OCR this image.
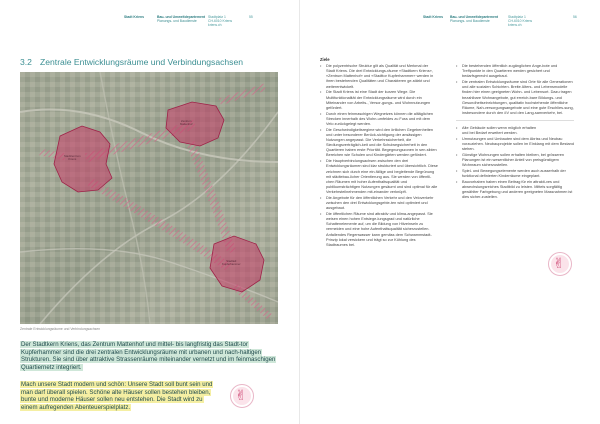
Stadt Kriens	Bau- und Umweltdepartement
Planungs- und Baudienste
Stadtplatz 1
CH-6010 Kriens
kriens.ch
55
3.2 Zentrale Entwicklungsräume und Verbindungsachsen
Stadtzentrum
Kriens
Zentrum
Mattenhof
Stadtteil
Kupferhammer
Zentrale Entwicklungsräume und Verbindungsachsen
Der Stadtkern Kriens, das Zentrum Mattenhof und mittel- bis langfristig das Stadt-tor Kupferhammer sind die drei zentralen Entwicklungsräume mit urbanen und nach-haltigen Strukturen. Sie sind über attraktive Strassenräume miteinander vernetzt und im feinmaschigen Quartiernetz integriert.
Mach unsere Stadt modern und schön: Unsere Stadt soll bunt sein und man darf überall spielen. Schöne alte Häuser sollen bestehen bleiben, bunte und moderne Häuser sollen neu entstehen. Die Stadt wird zu einem aufregenden Abenteuerspielplatz.
✌
Stadt Kriens Bau- und Umweltdepartement
Planungs- und Baudienste
Stadtplatz 1
CH-6010 Kriens
kriens.ch
56
Ziele
• Die polyzentrische Struktur gilt als Qualität und Merkmal der Stadt Kriens. Die drei Entwicklungs-räume «Stadtkern Kriens», «Zentrum Mattenhof» und «Stadttor Kupferhammer» werden in ihren bestehenden Qualitäten und Charakteren ge-stärkt und weiterentwickelt.
• Die Stadt Kriens ist eine Stadt der kurzen Wege. Die Multifunktionalität der Entwicklungsräume wird durch ein Miteinander von Arbeits-, Versor-gungs- und Wohnnutzungen gefördert.
• Durch einen feinmaschigen Wegnetzes können die alltäglichen Strecken innerhalb des Wohn-umfeldes zu Fuss und mit dem Velo zurückgelegt werden.
• Die Geschwindigkeitsregime wird den örtlichen Gegebenheiten und unter besonderer Berück-sichtigung der ansässigen Nutzungen angepasst. Die Verkehrssicherheit, die Siedlungsverträglich-keit und die Schulwegsicherheit in den Quartieren haben erste Priorität. Begegnungszonen in sen-siblen Bereichen wie Schulen und Kindergärten werden gefördert.
• Die Hauptverbindungsachsen zwischen den drei Entwicklungsräumen sind klar strukturiert und übersichtlich. Diese zeichnen sich durch eine ein-fällige und begleitende Begrünung mit städtebau-licher Orientierung aus. Sie werden von öffentli-chen Räumen mit hoher Aufenthaltsqualität und publikumsträchtigen Nutzungen gesäumt und sind optimal für alle Verkehrsteilnehmenden mit-einander verknüpft.
• Die Angebote für den öffentlichen Verkehr und den Veloverkehr zwischen den drei Entwicklungsgebie-ten wird optimiert und ausgebaut.
• Die öffentlichen Räume sind attraktiv und klima-angepasst. Sie weisen einen hohen Entsiege-lungsgrad und natürliche Schattenelemente auf, um die Bildung von Hitzeinseln zu vermeiden und eine hohe Aufenthaltsqualität sicherzustellen. Anfallendes Regenwasser kann gemäss dem Schwammstadt-Prinzip lokal versickern und trägt so zur Kühlung des Stadtraumes bei.
• Die bestehenden öffentlich zugänglichen Ange-bote und Treffpunkte in den Quartieren werden gesichert und bedarfsgerecht ausgebaut.
• Die zentralen Entwicklungsräume sind Orte für alle Generationen und alle sozialen Schichten. Breite Alters- und Lebensmodelle finden hier einen geeigneten Wohn- und Lebensort. Dazu tragen bezahlbare Wohnangebote, gut erreich-bare Bildungs- und Gesundheitseinrichtungen, qualitativ hochstehende öffentliche Räume, Nah-versorgungsangebote und eine gute Erschlies-sung, insbesondere durch den öV und den Lang-samverkehr, bei.
• Alte Gebäude sollen wenn möglich erhalten und bei Bedarf erweitert werden.
• Umnutzungen und Umbauten sind dem Abriss und Neubau vorzuziehen. Neubauprojekte sollen im Einklang mit dem Bestand stehen.
• Günstige Wohnungen sollen erhalten bleiben, bei grösseren Planungen ist ein wesentlicher Anteil von preisgünstigem Wohnraum sicherzustellen.
• Spiel- und Bewegungselemente werden auch ausserhalb der funktional definierten Kinderräume eingeplant.
• Bauvorhaben haben einen Beitrag für ein attrakti-ves und abwechslungsreiches Stadtbild zu leisten. Mittels sorgfältig gewählter Farbgebung und anderen geeigneten Massnahmen ist dies sicher-zustellen.
✌
